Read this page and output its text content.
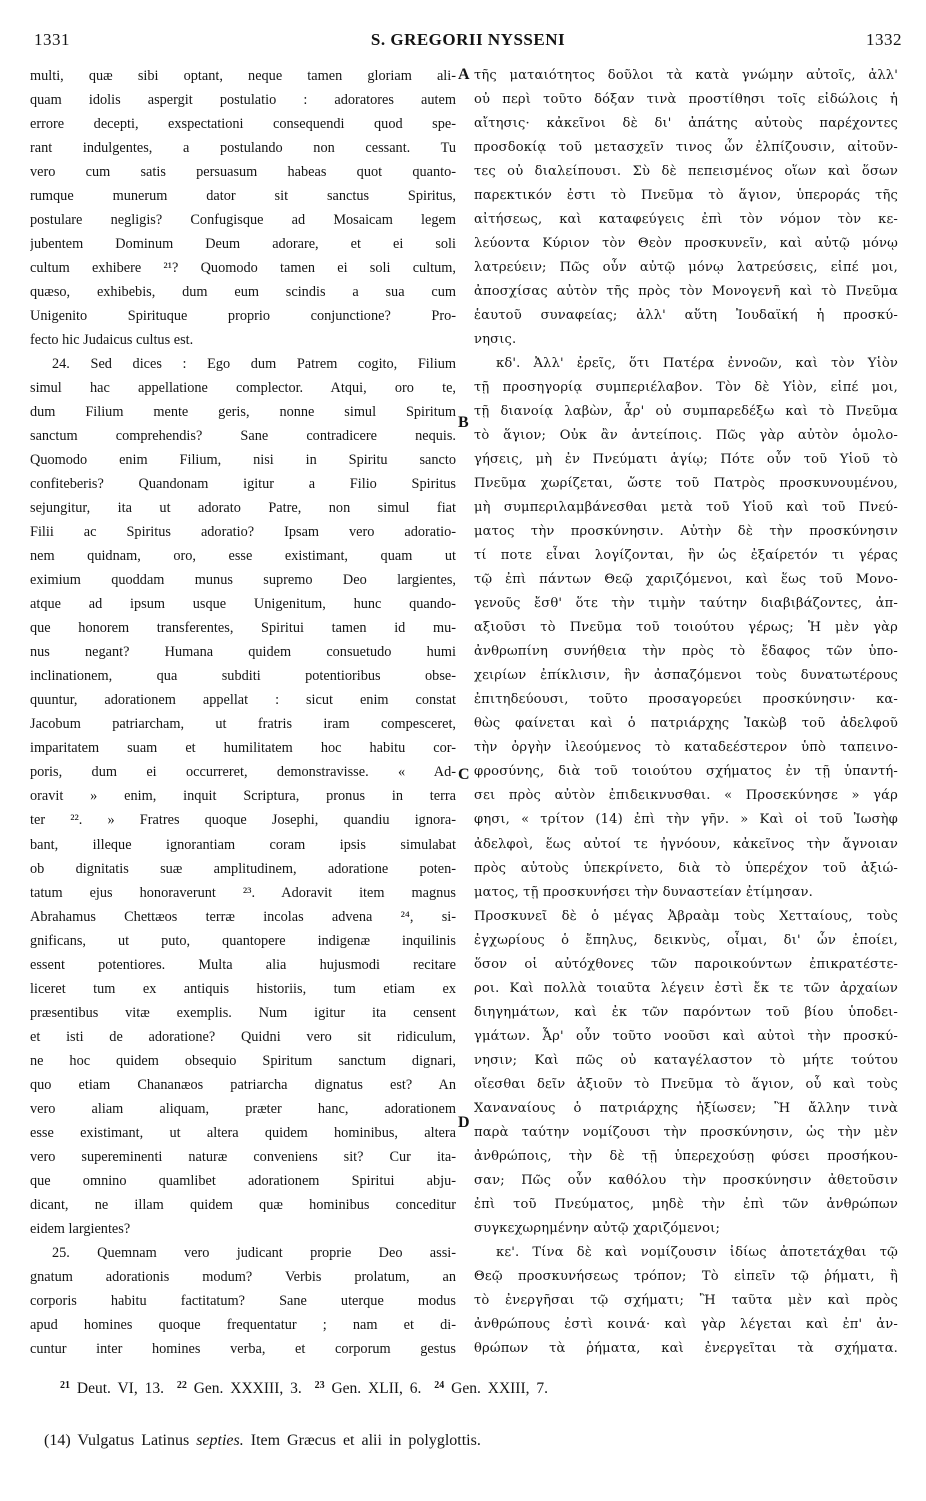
1331	S. GREGORII NYSSENI	1332
multi, quæ sibi optant, neque tamen gloriam ali-
quam idolis aspergit postulatio : adoratores autem
errore decepti, exspectationi consequendi quod spe-
rant indulgentes, a postulando non cessant. Tu
vero cum satis persuasum habeas quot quanto-
rumque munerum dator sit sanctus Spiritus,
postulare negligis? Confugisque ad Mosaicam legem
jubentem Dominum Deum adorare, et ei soli
cultum exhibere ²¹? Quomodo tamen ei soli cultum,
quæso, exhibebis, dum eum scindis a sua cum
Unigenito Spirituque proprio conjunctione? Pro-
fecto hic Judaicus cultus est.
24. Sed dices : Ego dum Patrem cogito, Filium
simul hac appellatione complector. Atqui, oro te,
dum Filium mente geris, nonne simul Spiritum
sanctum comprehendis? Sane contradicere nequis.
Quomodo enim Filium, nisi in Spiritu sancto
confiteberis? Quandonam igitur a Filio Spiritus
sejungitur, ita ut adorato Patre, non simul fiat
Filii ac Spiritus adoratio? Ipsam vero adoratio-
nem quidnam, oro, esse existimant, quam ut
eximium quoddam munus supremo Deo largientes,
atque ad ipsum usque Unigenitum, hunc quando-
que honorem transferentes, Spiritui tamen id mu-
nus negant? Humana quidem consuetudo humi
inclinationem, qua subditi potentioribus obse-
quuntur, adorationem appellat : sicut enim constat
Jacobum patriarcham, ut fratris iram compesceret,
imparitatem suam et humilitatem hoc habitu cor-
poris, dum ei occurreret, demonstravisse. « Ad-
oravit » enim, inquit Scriptura, pronus in terra
ter ²². » Fratres quoque Josephi, quandiu ignora-
bant, illeque ignorantiam coram ipsis simulabat
ob dignitatis suæ amplitudinem, adoratione poten-
tatum ejus honoraverunt ²³. Adoravit item magnus
Abrahamus Chettæos terræ incolas advena ²⁴, si-
gnificans, ut puto, quantopere indigenæ inquilinis
essent potentiores. Multa alia hujusmodi recitare
liceret tum ex antiquis historiis, tum etiam ex
præsentibus vitæ exemplis. Num igitur ita censent
et isti de adoratione? Quidni vero sit ridiculum,
ne hoc quidem obsequio Spiritum sanctum dignari,
quo etiam Chananæos patriarcha dignatus est? An
vero aliam aliquam, præter hanc, adorationem
esse existimant, ut altera quidem hominibus, altera
vero supereminenti naturæ conveniens sit? Cur ita-
que omnino quamlibet adorationem Spiritui abju-
dicant, ne illam quidem quæ hominibus conceditur
eidem largientes?
25. Quemnam vero judicant proprie Deo assi-
gnatum adorationis modum? Verbis prolatum, an
corporis habitu factitatum? Sane uterque modus
apud homines quoque frequentatur ; nam et di-
cuntur inter homines verba, et corporum gestus
τῆς ματαιότητος δοῦλοι τὰ κατὰ γνώμην αὐτοῖς, ἀλλ'
οὐ περὶ τοῦτο δόξαν τινὰ προστίθησι τοῖς εἰδώλοις ἡ
αἴτησις· κἀκεῖνοι δὲ δι' ἀπάτης αὐτοὺς παρέχοντες
προσδοκίᾳ τοῦ μετασχεῖν τινος ὧν ἐλπίζουσιν, αἰτοῦν-
τες οὐ διαλείπουσι. Σὺ δὲ πεπεισμένος οἵων καὶ ὅσων
παρεκτικόν ἐστι τὸ Πνεῦμα τὸ ἅγιον, ὑπεροράς τῆς
αἰτήσεως, καὶ καταφεύγεις ἐπὶ τὸν νόμον τὸν κε-
λεύοντα Κύριον τὸν Θεὸν προσκυνεῖν, καὶ αὐτῷ μόνῳ
λατρεύειν; Πῶς οὖν αὐτῷ μόνῳ λατρεύσεις, εἰπέ μοι,
ἀποσχίσας αὐτὸν τῆς πρὸς τὸν Μονογενῆ καὶ τὸ Πνεῦμα
ἑαυτοῦ συναφείας; ἀλλ' αὕτη Ἰουδαϊκή ἡ προσκύ-
νησις.
κδ'. Ἀλλ' ἐρεῖς, ὅτι Πατέρα ἐννοῶν, καὶ τὸν Υἱὸν
τῇ προσηγορίᾳ συμπεριέλαβον. Τὸν δὲ Υἱὸν, εἰπέ μοι,
τῇ διανοίᾳ λαβὼν, ἆρ' οὐ συμπαρεδέξω καὶ τὸ Πνεῦμα
τὸ ἅγιον; Οὐκ ἂν ἀντείποις. Πῶς γὰρ αὐτὸν ὁμολο-
γήσεις, μὴ ἐν Πνεύματι ἁγίῳ; Πότε οὖν τοῦ Υἱοῦ τὸ
Πνεῦμα χωρίζεται, ὥστε τοῦ Πατρὸς προσκυνουμένου,
μὴ συμπεριλαμβάνεσθαι μετὰ τοῦ Υἱοῦ καὶ τοῦ Πνεύ-
ματος τὴν προσκύνησιν. Αὐτὴν δὲ τὴν προσκύνησιν
τί ποτε εἶναι λογίζονται, ἣν ὡς ἐξαίρετόν τι γέρας
τῷ ἐπὶ πάντων Θεῷ χαριζόμενοι, καὶ ἕως τοῦ Μονο-
γενοῦς ἔσθ' ὅτε τὴν τιμὴν ταύτην διαβιβάζοντες, ἀπ-
αξιοῦσι τὸ Πνεῦμα τοῦ τοιούτου γέρως; Ἡ μὲν γὰρ
ἀνθρωπίνη συνήθεια τὴν πρὸς τὸ ἔδαφος τῶν ὑπο-
χειρίων ἐπίκλισιν, ἣν ἀσπαζόμενοι τοὺς δυνατωτέρους
ἐπιτηδεύουσι, τοῦτο προσαγορεύει προσκύνησιν· κα-
θὼς φαίνεται καὶ ὁ πατριάρχης Ἰακὼβ τοῦ ἀδελφοῦ
τὴν ὀργὴν ἰλεούμενος τὸ καταδεέστερον ὑπὸ ταπεινο-
φροσύνης, διὰ τοῦ τοιούτου σχήματος ἐν τῇ ὑπαντή-
σει πρὸς αὐτὸν ἐπιδεικνυσθαι. « Προσεκύνησε » γάρ
φησι, « τρίτον (14) ἐπὶ τὴν γῆν. » Καὶ οἱ τοῦ Ἰωσὴφ
ἀδελφοὶ, ἕως αὐτοί τε ἠγνόουν, κἀκεῖνος τὴν ἄγνοιαν
πρὸς αὐτοὺς ὑπεκρίνετο, διὰ τὸ ὑπερέχον τοῦ ἀξιώ-
ματος, τῇ προσκυνήσει τὴν δυναστείαν ἐτίμησαν.
Προσκυνεῖ δὲ ὁ μέγας Ἀβραὰμ τοὺς Χετταίους, τοὺς
ἐγχωρίους ὁ ἔπηλυς, δεικνὺς, οἶμαι, δι' ὧν ἐποίει,
ὅσον οἱ αὐτόχθονες τῶν παροικούντων ἐπικρατέστε-
ροι. Καὶ πολλὰ τοιαῦτα λέγειν ἐστὶ ἔκ τε τῶν ἀρχαίων
διηγημάτων, καὶ ἐκ τῶν παρόντων τοῦ βίου ὑποδει-
γμάτων. Ἆρ' οὖν τοῦτο νοοῦσι καὶ αὐτοὶ τὴν προσκύ-
νησιν; Καὶ πῶς οὐ καταγέλαστον τὸ μήτε τούτου
οἴεσθαι δεῖν ἀξιοῦν τὸ Πνεῦμα τὸ ἅγιον, οὗ καὶ τοὺς
Χαναναίους ὁ πατριάρχης ἠξίωσεν; Ἢ ἄλλην τινὰ
παρὰ ταύτην νομίζουσι τὴν προσκύνησιν, ὡς τὴν μὲν
ἀνθρώποις, τὴν δὲ τῇ ὑπερεχούσῃ φύσει προσήκου-
σαν; Πῶς οὖν καθόλου τὴν προσκύνησιν ἀθετοῦσιν
ἐπὶ τοῦ Πνεύματος, μηδὲ τὴν ἐπὶ τῶν ἀνθρώπων
συγκεχωρημένην αὐτῷ χαριζόμενοι;
κε'. Τίνα δὲ καὶ νομίζουσιν ἰδίως ἀποτετάχθαι τῷ
Θεῷ προσκυνήσεως τρόπον; Τὸ εἰπεῖν τῷ ῥήματι, ἢ
τὸ ἐνεργῆσαι τῷ σχήματι; Ἢ ταῦτα μὲν καὶ πρὸς
ἀνθρώπους ἐστὶ κοινά· καὶ γὰρ λέγεται καὶ ἐπ' ἀν-
θρώπων τὰ ῥήματα, καὶ ἐνεργεῖται τὰ σχήματα.
A
B
C
D
$^{21}$ Deut. VI, 13. $^{22}$ Gen. XXXIII, 3. $^{23}$ Gen. XLII, 6. $^{24}$ Gen. XXIII, 7.
(14) Vulgatus Latinus septies. Item Græcus et alii in polyglottis.
